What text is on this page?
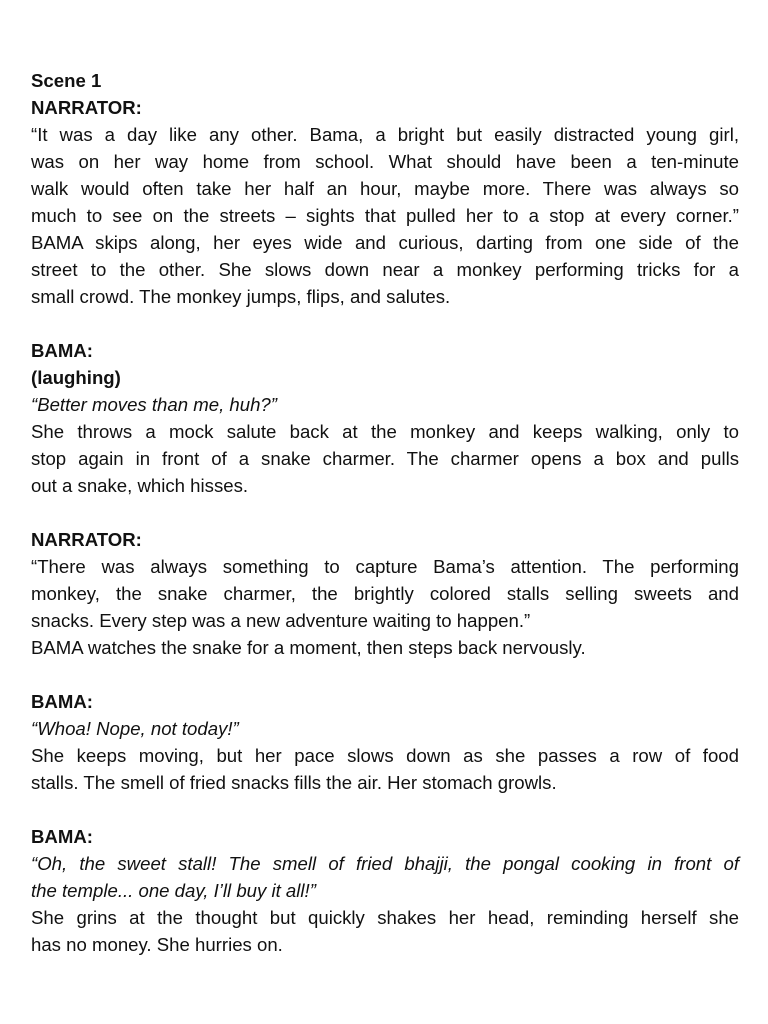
Scene 1
NARRATOR:
“It was a day like any other. Bama, a bright but easily distracted young girl,
was on her way home from school. What should have been a ten-minute
walk would often take her half an hour, maybe more. There was always so
much to see on the streets – sights that pulled her to a stop at every corner.”
BAMA skips along, her eyes wide and curious, darting from one side of the
street to the other. She slows down near a monkey performing tricks for a
small crowd. The monkey jumps, flips, and salutes.
BAMA:
(laughing)
“Better moves than me, huh?”
She throws a mock salute back at the monkey and keeps walking, only to
stop again in front of a snake charmer. The charmer opens a box and pulls
out a snake, which hisses.
NARRATOR:
“There was always something to capture Bama’s attention. The performing
monkey, the snake charmer, the brightly colored stalls selling sweets and
snacks. Every step was a new adventure waiting to happen.”
BAMA watches the snake for a moment, then steps back nervously.
BAMA:
“Whoa! Nope, not today!”
She keeps moving, but her pace slows down as she passes a row of food
stalls. The smell of fried snacks fills the air. Her stomach growls.
BAMA:
“Oh, the sweet stall! The smell of fried bhajji, the pongal cooking in front of
the temple... one day, I’ll buy it all!”
She grins at the thought but quickly shakes her head, reminding herself she
has no money. She hurries on.
